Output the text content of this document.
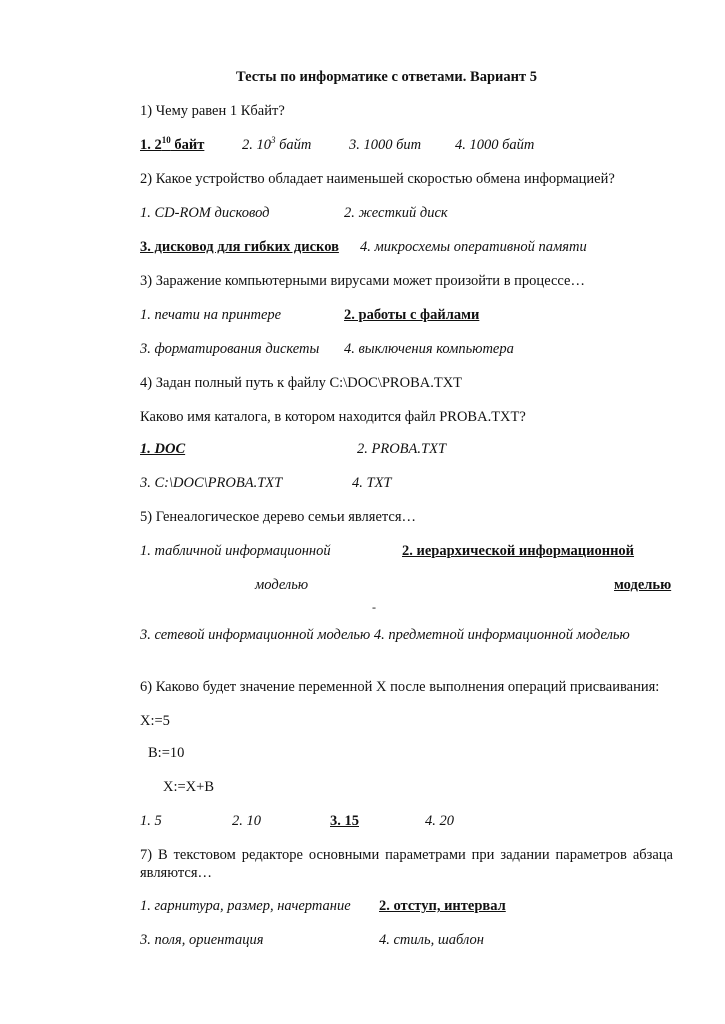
Тесты по информатике с ответами. Вариант 5
1) Чему равен 1 Кбайт?
1. $2^{10}$ байт	2. $10^3$ байт	3. 1000 бит 4. 1000 байт
2) Какое устройство обладает наименьшей скоростью обмена информацией?
1. CD-ROM дисковод	2. жесткий диск
3. дисковод для гибких дисков 4. микросхемы оперативной памяти
3) Заражение компьютерными вирусами может произойти в процессе…
1. печати на принтере	2. работы с файлами
3. форматирования дискеты 4. выключения компьютера
4) Задан полный путь к файлу C:\DOC\PROBA.TXT
Каково имя каталога, в котором находится файл PROBA.TXT?
1. DOC	2. PROBA.TXT
3. C:\DOC\PROBA.TXT	4. TXT
5) Генеалогическое дерево семьи является…
1. табличной информационной	2. иерархической информационной
моделью	моделью
-
3. сетевой информационной моделью 4. предметной информационной моделью
6) Каково будет значение переменной X после выполнения операций присваивания:
X:=5
B:=10
X:=X+B
1. 5	2. 10	3. 15	4. 20
7) В текстовом редакторе основными параметрами при задании параметров абзаца являются…
1. гарнитура, размер, начертание 2. отступ, интервал
3. поля, ориентация	4. стиль, шаблон
